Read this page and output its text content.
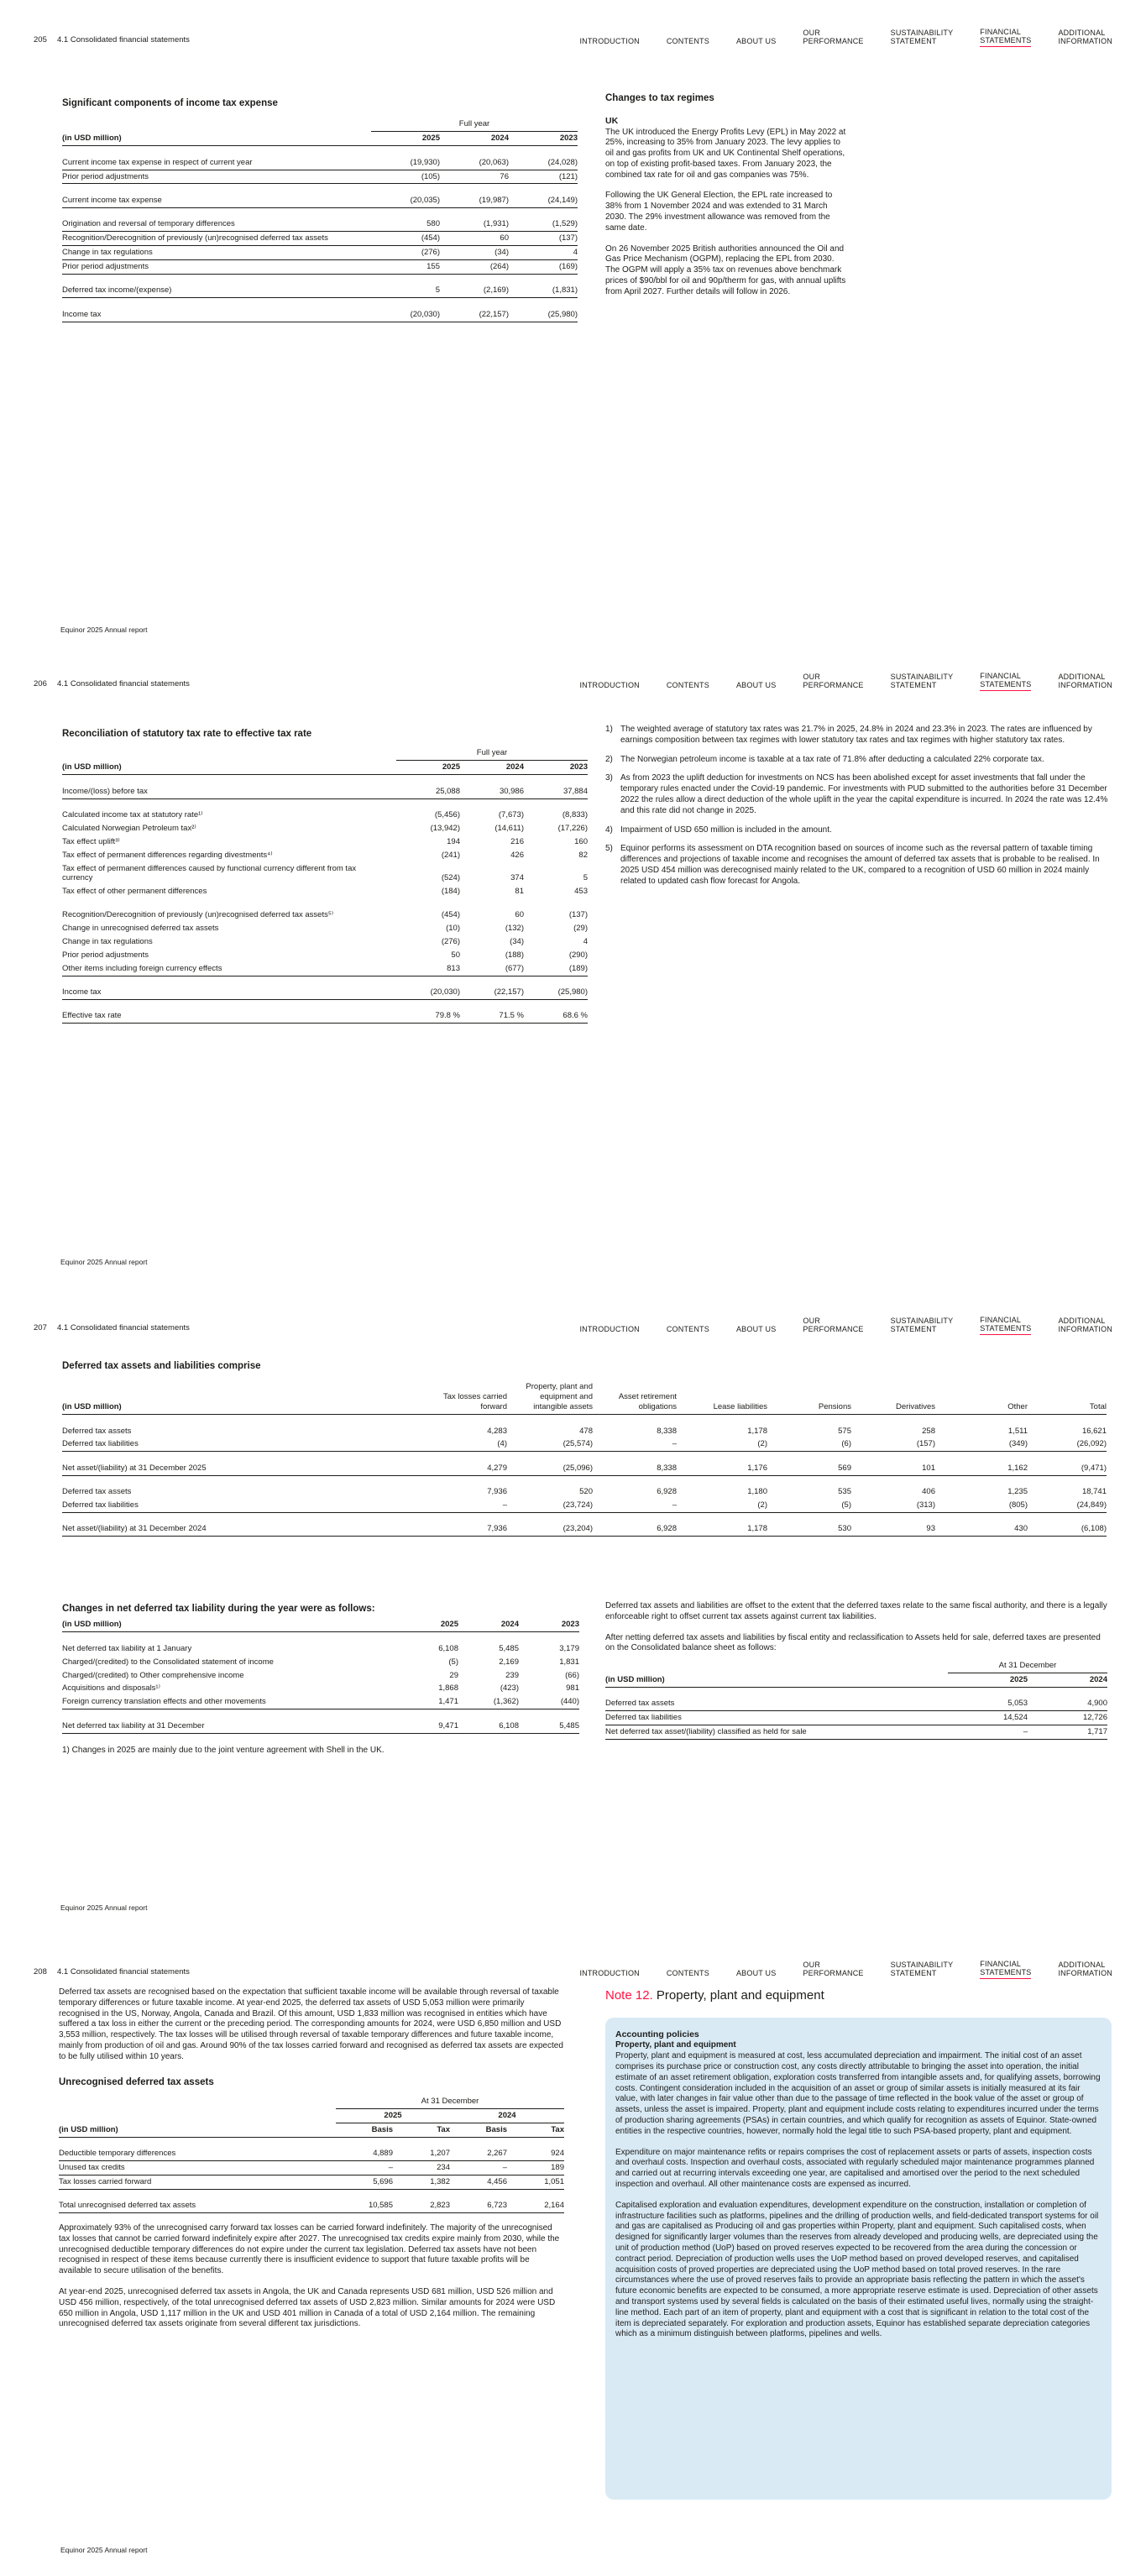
205 4.1 Consolidated financial statements	INTRODUCTION	CONTENTS	ABOUT US
OUR
PERFORMANCE
SUSTAINABILITY
STATEMENT
FINANCIAL
STATEMENTS
ADDITIONAL
INFORMATION
Significant components of income tax expense
	Full year		
(in USD million)	2025	2024	2023

Current income tax expense in respect of current year	(19,930)	(20,063)	(24,028)
Prior period adjustments	(105)	76	(121)

Current income tax expense	(20,035)	(19,987)	(24,149)

Origination and reversal of temporary differences	580	(1,931)	(1,529)
Recognition/Derecognition of previously (un)recognised deferred tax assets	(454)	60	(137)
Change in tax regulations	(276)	(34)	4
Prior period adjustments	155	(264)	(169)

Deferred tax income/(expense)	5	(2,169)	(1,831)

Income tax	(20,030)	(22,157)	(25,980)
Changes to tax regimes
UK

The UK introduced the Energy Profits Levy (EPL) in May 2022 at 25%, increasing to 35% from January 2023. The levy applies to oil and gas profits from UK and UK Continental Shelf operations, on top of existing profit-based taxes. From January 2023, the combined tax rate for oil and gas companies was 75%.

Following the UK General Election, the EPL rate increased to 38% from 1 November 2024 and was extended to 31 March 2030. The 29% investment allowance was removed from the same date.

On 26 November 2025 British authorities announced the Oil and Gas Price Mechanism (OGPM), replacing the EPL from 2030. The OGPM will apply a 35% tax on revenues above benchmark prices of $90/bbl for oil and 90p/therm for gas, with annual uplifts from April 2027. Further details will follow in 2026.

Equinor 2025 Annual report
206 4.1 Consolidated financial statements	INTRODUCTION	CONTENTS	ABOUT US
OUR
PERFORMANCE
SUSTAINABILITY
STATEMENT
FINANCIAL
STATEMENTS
ADDITIONAL
INFORMATION
Reconciliation of statutory tax rate to effective tax rate
	Full year		
(in USD million)	2025	2024	2023

Income/(loss) before tax	25,088	30,986	37,884

Calculated income tax at statutory rate¹⁾	(5,456)	(7,673)	(8,833)
Calculated Norwegian Petroleum tax²⁾	(13,942)	(14,611)	(17,226)
Tax effect uplift³⁾	194	216	160
Tax effect of permanent differences regarding divestments⁴⁾	(241)	426	82
Tax effect of permanent differences caused by functional currency different from tax currency	(524)	374	5
Tax effect of other permanent differences	(184)	81	453

Recognition/Derecognition of previously (un)recognised deferred tax assets⁵⁾	(454)	60	(137)
Change in unrecognised deferred tax assets	(10)	(132)	(29)
Change in tax regulations	(276)	(34)	4
Prior period adjustments	50	(188)	(290)
Other items including foreign currency effects	813	(677)	(189)

Income tax	(20,030)	(22,157)	(25,980)

Effective tax rate	79.8 %	71.5 %	68.6 %
1) The weighted average of statutory tax rates was 21.7% in 2025, 24.8% in 2024 and 23.3% in 2023. The rates are influenced by earnings composition between tax regimes with lower statutory tax rates and tax regimes with higher statutory tax rates.
2) The Norwegian petroleum income is taxable at a tax rate of 71.8% after deducting a calculated 22% corporate tax.
3) As from 2023 the uplift deduction for investments on NCS has been abolished except for asset investments that fall under the temporary rules enacted under the Covid-19 pandemic. For investments with PUD submitted to the authorities before 31 December 2022 the rules allow a direct deduction of the whole uplift in the year the capital expenditure is incurred. In 2024 the rate was 12.4% and this rate did not change in 2025.
4) Impairment of USD 650 million is included in the amount.
5) Equinor performs its assessment on DTA recognition based on sources of income such as the reversal pattern of taxable timing differences and projections of taxable income and recognises the amount of deferred tax assets that is probable to be realised. In 2025 USD 454 million was derecognised mainly related to the UK, compared to a recognition of USD 60 million in 2024 mainly related to updated cash flow forecast for Angola.
Equinor 2025 Annual report
207 4.1 Consolidated financial statements	INTRODUCTION	CONTENTS	ABOUT US
OUR
PERFORMANCE
SUSTAINABILITY
STATEMENT
FINANCIAL
STATEMENTS
ADDITIONAL
INFORMATION
Deferred tax assets and liabilities comprise
(in USD million)	Tax losses carried forward	Property, plant and equipment and intangible assets	Asset retirement obligations	Lease liabilities	Pensions	Derivatives	Other	Total

Deferred tax assets	4,283	478	8,338	1,178	575	258	1,511	16,621
Deferred tax liabilities	(4)	(25,574)	–	(2)	(6)	(157)	(349)	(26,092)

Net asset/(liability) at 31 December 2025	4,279	(25,096)	8,338	1,176	569	101	1,162	(9,471)

Deferred tax assets	7,936	520	6,928	1,180	535	406	1,235	18,741
Deferred tax liabilities	–	(23,724)	–	(2)	(5)	(313)	(805)	(24,849)

Net asset/(liability) at 31 December 2024	7,936	(23,204)	6,928	1,178	530	93	430	(6,108)
Changes in net deferred tax liability during the year were as follows:
(in USD million)	2025	2024	2023

Net deferred tax liability at 1 January	6,108	5,485	3,179
Charged/(credited) to the Consolidated statement of income	(5)	2,169	1,831
Charged/(credited) to Other comprehensive income	29	239	(66)
Acquisitions and disposals¹⁾	1,868	(423)	981
Foreign currency translation effects and other movements	1,471	(1,362)	(440)

Net deferred tax liability at 31 December	9,471	6,108	5,485
1) Changes in 2025 are mainly due to the joint venture agreement with Shell in the UK.

Deferred tax assets and liabilities are offset to the extent that the deferred taxes relate to the same fiscal authority, and there is a legally enforceable right to offset current tax assets against current tax liabilities.

After netting deferred tax assets and liabilities by fiscal entity and reclassification to Assets held for sale, deferred taxes are presented on the Consolidated balance sheet as follows:

	At 31 December	
(in USD million)	2025	2024

Deferred tax assets	5,053	4,900
Deferred tax liabilities	14,524	12,726
Net deferred tax asset/(liability) classified as held for sale	–	1,717
Equinor 2025 Annual report
208 4.1 Consolidated financial statements	INTRODUCTION	CONTENTS	ABOUT US
OUR
PERFORMANCE
SUSTAINABILITY
STATEMENT
FINANCIAL
STATEMENTS
ADDITIONAL
INFORMATION

Deferred tax assets are recognised based on the expectation that sufficient taxable income will be available through reversal of taxable temporary differences or future taxable income. At year-end 2025, the deferred tax assets of USD 5,053 million were primarily recognised in the US, Norway, Angola, Canada and Brazil. Of this amount, USD 1,833 million was recognised in entities which have suffered a tax loss in either the current or the preceding period. The corresponding amounts for 2024, were USD 6,850 million and USD 3,553 million, respectively. The tax losses will be utilised through reversal of taxable temporary differences and future taxable income, mainly from production of oil and gas. Around 90% of the tax losses carried forward and recognised as deferred tax assets are expected to be fully utilised within 10 years.

Unrecognised deferred tax assets
	At 31 December			
	2025		2024	
(in USD million)	Basis	Tax	Basis	Tax

Deductible temporary differences	4,889	1,207	2,267	924
Unused tax credits	–	234	–	189
Tax losses carried forward	5,696	1,382	4,456	1,051

Total unrecognised deferred tax assets	10,585	2,823	6,723	2,164

Approximately 93% of the unrecognised carry forward tax losses can be carried forward indefinitely. The majority of the unrecognised tax losses that cannot be carried forward indefinitely expire after 2027. The unrecognised tax credits expire mainly from 2030, while the unrecognised deductible temporary differences do not expire under the current tax legislation. Deferred tax assets have not been recognised in respect of these items because currently there is insufficient evidence to support that future taxable profits will be available to secure utilisation of the benefits.

At year-end 2025, unrecognised deferred tax assets in Angola, the UK and Canada represents USD 681 million, USD 526 million and USD 456 million, respectively, of the total unrecognised deferred tax assets of USD 2,823 million. Similar amounts for 2024 were USD 650 million in Angola, USD 1,117 million in the UK and USD 401 million in Canada of a total of USD 2,164 million. The remaining unrecognised deferred tax assets originate from several different tax jurisdictions.

Note 12. Property, plant and equipment
Accounting policies
Property, plant and equipment

Property, plant and equipment is measured at cost, less accumulated depreciation and impairment. The initial cost of an asset comprises its purchase price or construction cost, any costs directly attributable to bringing the asset into operation, the initial estimate of an asset retirement obligation, exploration costs transferred from intangible assets and, for qualifying assets, borrowing costs. Contingent consideration included in the acquisition of an asset or group of similar assets is initially measured at its fair value, with later changes in fair value other than due to the passage of time reflected in the book value of the asset or group of assets, unless the asset is impaired. Property, plant and equipment include costs relating to expenditures incurred under the terms of production sharing agreements (PSAs) in certain countries, and which qualify for recognition as assets of Equinor. State-owned entities in the respective countries, however, normally hold the legal title to such PSA-based property, plant and equipment.

Expenditure on major maintenance refits or repairs comprises the cost of replacement assets or parts of assets, inspection costs and overhaul costs. Inspection and overhaul costs, associated with regularly scheduled major maintenance programmes planned and carried out at recurring intervals exceeding one year, are capitalised and amortised over the period to the next scheduled inspection and overhaul. All other maintenance costs are expensed as incurred.

Capitalised exploration and evaluation expenditures, development expenditure on the construction, installation or completion of infrastructure facilities such as platforms, pipelines and the drilling of production wells, and field-dedicated transport systems for oil and gas are capitalised as Producing oil and gas properties within Property, plant and equipment. Such capitalised costs, when designed for significantly larger volumes than the reserves from already developed and producing wells, are depreciated using the unit of production method (UoP) based on proved reserves expected to be recovered from the area during the concession or contract period. Depreciation of production wells uses the UoP method based on proved developed reserves, and capitalised acquisition costs of proved properties are depreciated using the UoP method based on total proved reserves. In the rare circumstances where the use of proved reserves fails to provide an appropriate basis reflecting the pattern in which the asset's future economic benefits are expected to be consumed, a more appropriate reserve estimate is used. Depreciation of other assets and transport systems used by several fields is calculated on the basis of their estimated useful lives, normally using the straight-line method. Each part of an item of property, plant and equipment with a cost that is significant in relation to the total cost of the item is depreciated separately. For exploration and production assets, Equinor has established separate depreciation categories which as a minimum distinguish between platforms, pipelines and wells.

Equinor 2025 Annual report
